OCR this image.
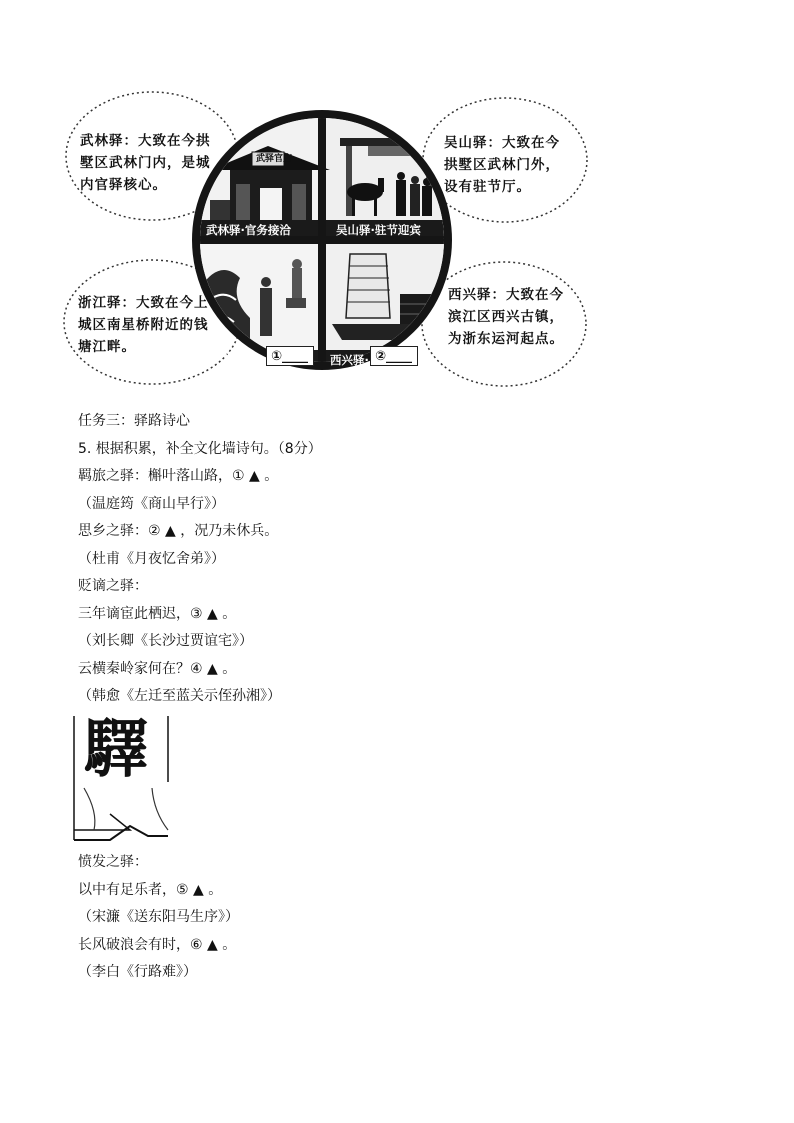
武林驿：大致在今拱墅区武林门内，是城内官驿核心。
吴山驿：大致在今拱墅区武林门外，设有驻节厅。
浙江驿：大致在今上城区南星桥附近的钱塘江畔。
西兴驿：大致在今滨江区西兴古镇，为浙东运河起点。
武林驿·官务接洽	吴山驿·驻节迎宾
浙江驿·	西兴驿·
武驿官店
①____	②____
任务三：驿路诗心
5. 根据积累，补全文化墙诗句。（8分）
羁旅之驿：槲叶落山路，① ▲ 。
（温庭筠《商山早行》）
思乡之驿：② ▲ ，况乃未休兵。
（杜甫《月夜忆舍弟》）
贬谪之驿：
三年谪宦此栖迟，③ ▲ 。
（刘长卿《长沙过贾谊宅》）
云横秦岭家何在？④ ▲ 。
（韩愈《左迁至蓝关示侄孙湘》）
驛
愤发之驿：
以中有足乐者，⑤ ▲ 。
（宋濂《送东阳马生序》）
长风破浪会有时，⑥ ▲ 。
（李白《行路难》）
